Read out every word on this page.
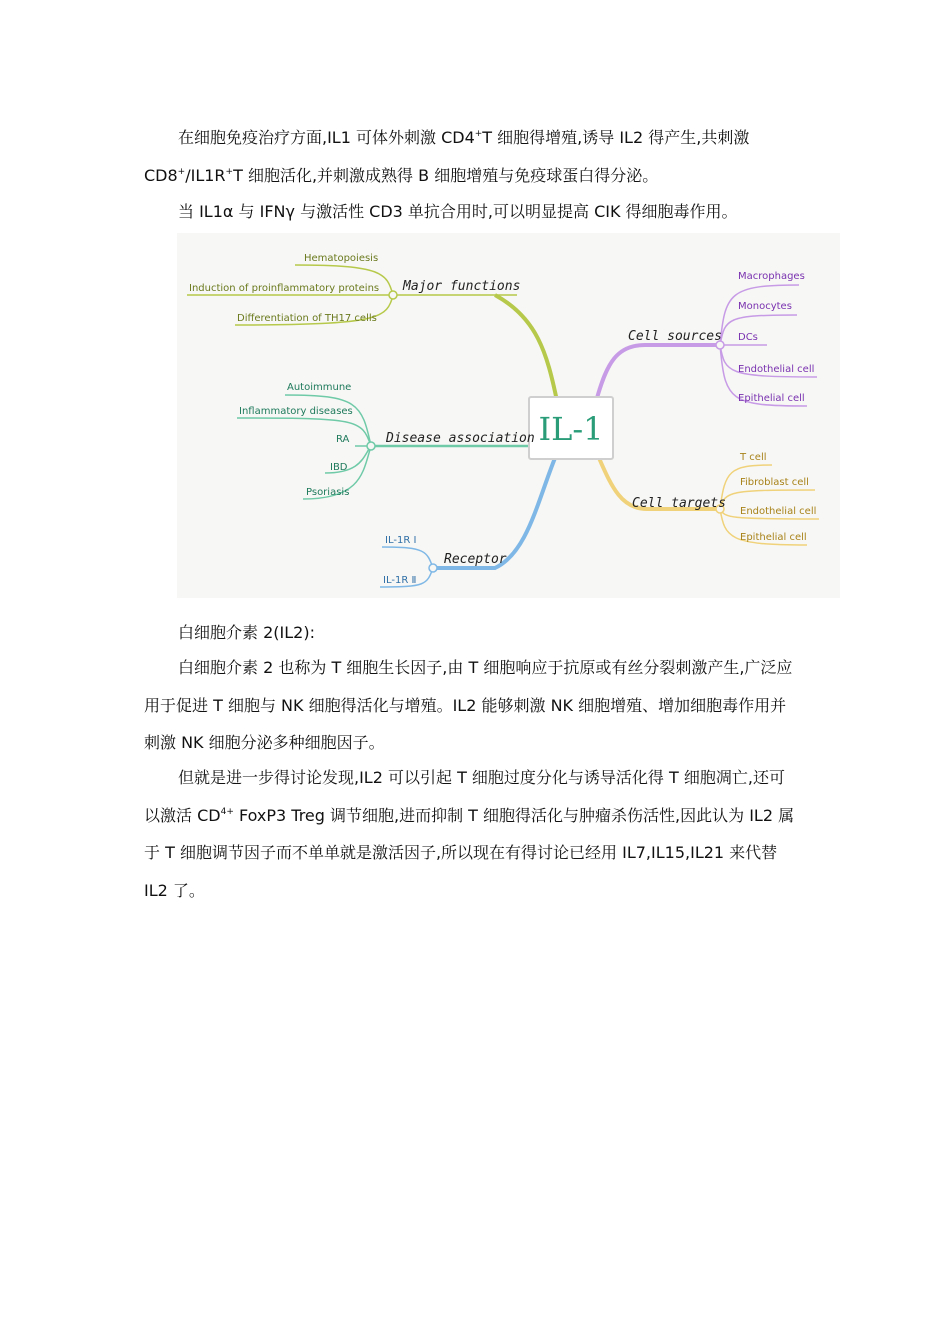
在细胞免疫治疗方面,IL1 可体外刺激 CD4+T 细胞得增殖,诱导 IL2 得产生,共刺激
CD8+/IL1R+T 细胞活化,并刺激成熟得 B 细胞增殖与免疫球蛋白得分泌。
当 IL1α 与 IFNγ 与激活性 CD3 单抗合用时,可以明显提高 CIK 得细胞毒作用。
IL-1
Major functions
Disease association
Receptor
Cell sources
Cell targets
Hematopoiesis
Induction of proinflammatory proteins
Differentiation of TH17 cells
Autoimmune
Inflammatory diseases
RA
IBD
Psoriasis
IL-1R Ⅰ
IL-1R Ⅱ
Macrophages
Monocytes
DCs
Endothelial cell
Epithelial cell
T cell
Fibroblast cell
Endothelial cell
Epithelial cell
白细胞介素 2(IL2):
白细胞介素 2 也称为 T 细胞生长因子,由 T 细胞响应于抗原或有丝分裂刺激产生,广泛应
用于促进 T 细胞与 NK 细胞得活化与增殖。IL2 能够刺激 NK 细胞增殖、增加细胞毒作用并
刺激 NK 细胞分泌多种细胞因子。
但就是进一步得讨论发现,IL2 可以引起 T 细胞过度分化与诱导活化得 T 细胞凋亡,还可
以激活 $CD^{4+}$ FoxP3 Treg 调节细胞,进而抑制 T 细胞得活化与肿瘤杀伤活性,因此认为 IL2 属
于 T 细胞调节因子而不单单就是激活因子,所以现在有得讨论已经用 IL7,IL15,IL21 来代替
IL2 了。
